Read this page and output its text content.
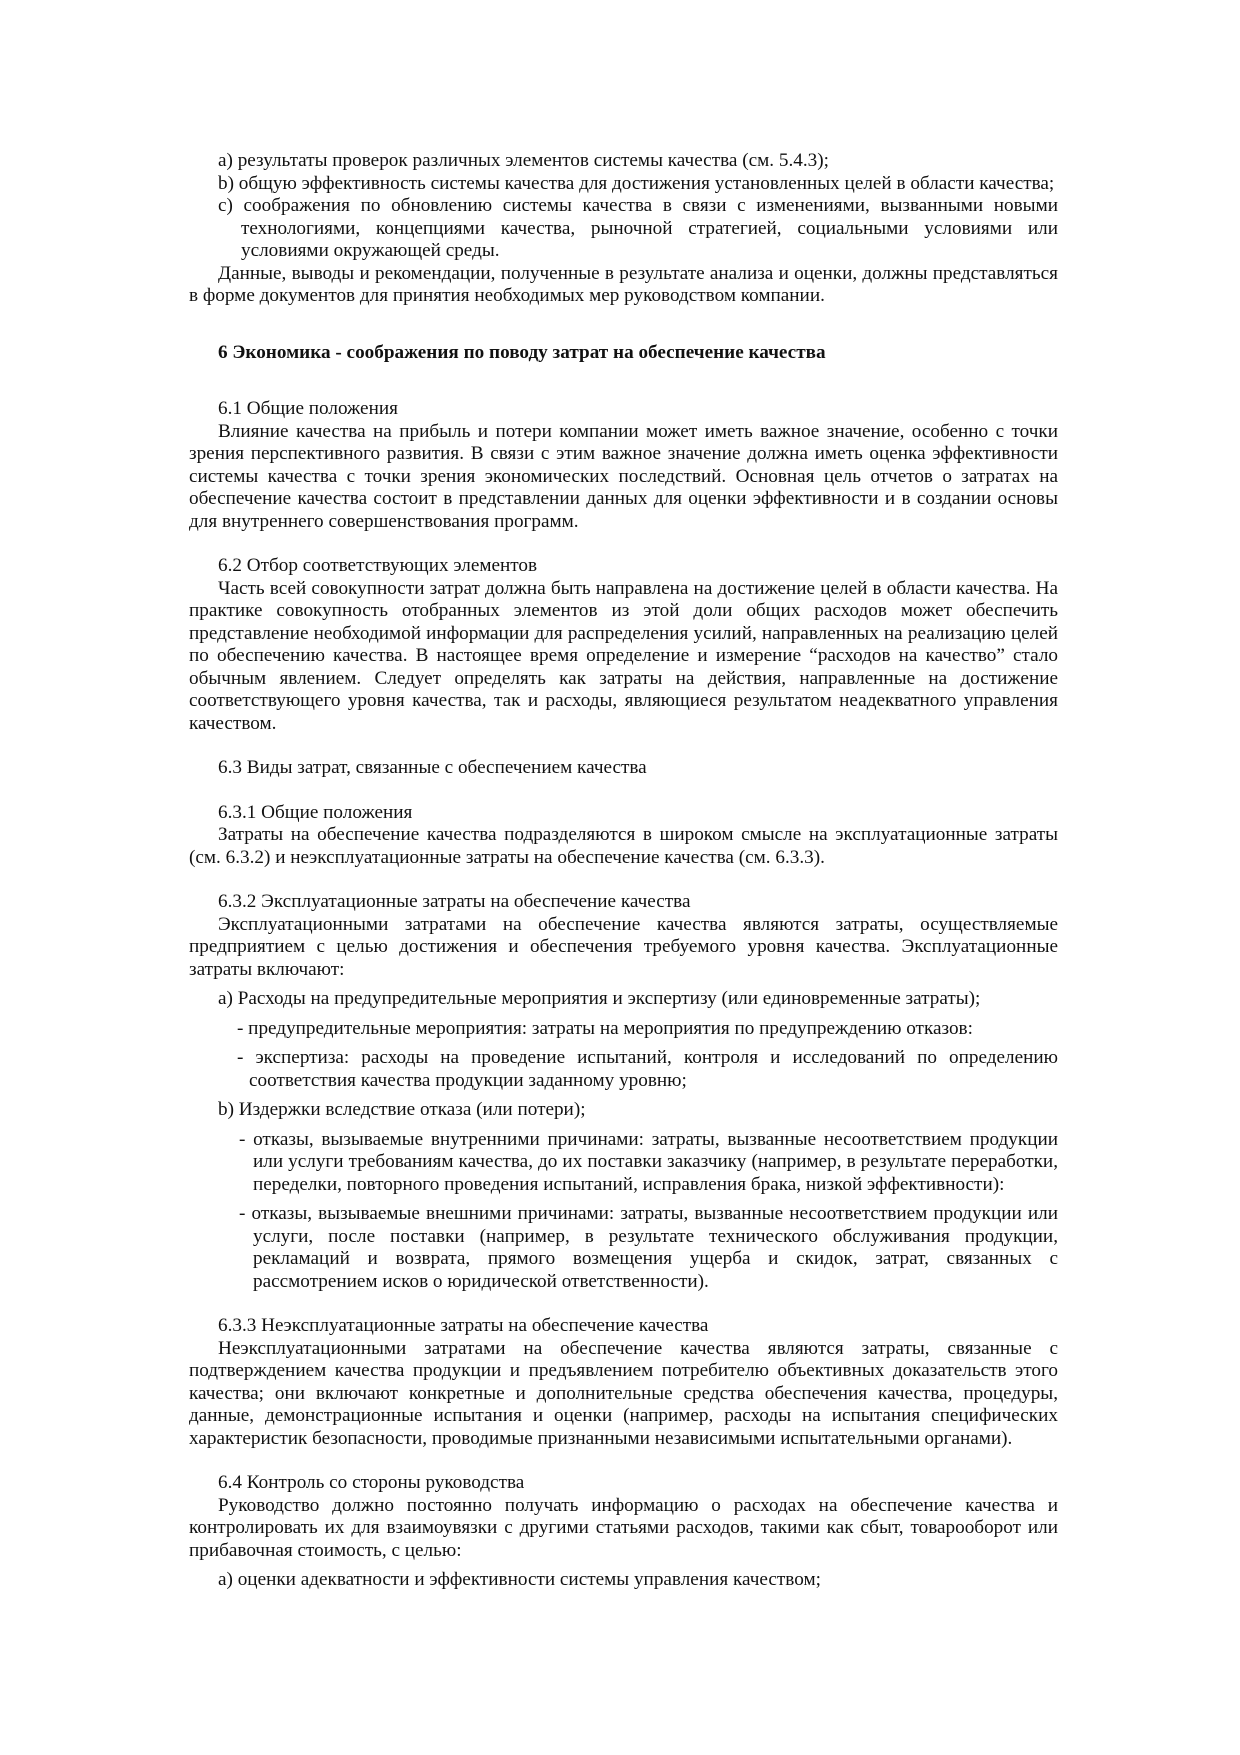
a) результаты проверок различных элементов системы качества (см. 5.4.3);

b) общую эффективность системы качества для достижения установленных целей в области качества;

c) соображения по обновлению системы качества в связи с изменениями, вызванными новыми технологиями, концепциями качества, рыночной стратегией, социальными условиями или условиями окружающей среды.

Данные, выводы и рекомендации, полученные в результате анализа и оценки, должны представляться в форме документов для принятия необходимых мер руководством компании.

6 Экономика - соображения по поводу затрат на обеспечение качества

6.1 Общие положения

Влияние качества на прибыль и потери компании может иметь важное значение, особенно с точки зрения перспективного развития. В связи с этим важное значение должна иметь оценка эффективности системы качества с точки зрения экономических последствий. Основная цель отчетов о затратах на обеспечение качества состоит в представлении данных для оценки эффективности и в создании основы для внутреннего совершенствования программ.

6.2 Отбор соответствующих элементов

Часть всей совокупности затрат должна быть направлена на достижение целей в области качества. На практике совокупность отобранных элементов из этой доли общих расходов может обеспечить представление необходимой информации для распределения усилий, направленных на реализацию целей по обеспечению качества. В настоящее время определение и измерение “расходов на качество” стало обычным явлением. Следует определять как затраты на действия, направленные на достижение соответствующего уровня качества, так и расходы, являющиеся результатом неадекватного управления качеством.

6.3 Виды затрат, связанные с обеспечением качества

6.3.1 Общие положения

Затраты на обеспечение качества подразделяются в широком смысле на эксплуатационные затраты (см. 6.3.2) и неэксплуатационные затраты на обеспечение качества (см. 6.3.3).

6.3.2 Эксплуатационные затраты на обеспечение качества

Эксплуатационными затратами на обеспечение качества являются затраты, осуществляемые предприятием с целью достижения и обеспечения требуемого уровня качества. Эксплуатационные затраты включают:

a) Расходы на предупредительные мероприятия и экспертизу (или единовременные затраты);

- предупредительные мероприятия: затраты на мероприятия по предупреждению отказов:

- экспертиза: расходы на проведение испытаний, контроля и исследований по определению соответствия качества продукции заданному уровню;

b) Издержки вследствие отказа (или потери);

- отказы, вызываемые внутренними причинами: затраты, вызванные несоответствием продукции или услуги требованиям качества, до их поставки заказчику (например, в результате переработки, переделки, повторного проведения испытаний, исправления брака, низкой эффективности):

- отказы, вызываемые внешними причинами: затраты, вызванные несоответствием продукции или услуги, после поставки (например, в результате технического обслуживания продукции, рекламаций и возврата, прямого возмещения ущерба и скидок, затрат, связанных с рассмотрением исков о юридической ответственности).

6.3.3 Неэксплуатационные затраты на обеспечение качества

Неэксплуатационными затратами на обеспечение качества являются затраты, связанные с подтверждением качества продукции и предъявлением потребителю объективных доказательств этого качества; они включают конкретные и дополнительные средства обеспечения качества, процедуры, данные, демонстрационные испытания и оценки (например, расходы на испытания специфических характеристик безопасности, проводимые признанными независимыми испытательными органами).

6.4 Контроль со стороны руководства

Руководство должно постоянно получать информацию о расходах на обеспечение качества и контролировать их для взаимоувязки с другими статьями расходов, такими как сбыт, товарооборот или прибавочная стоимость, с целью:

a) оценки адекватности и эффективности системы управления качеством;
